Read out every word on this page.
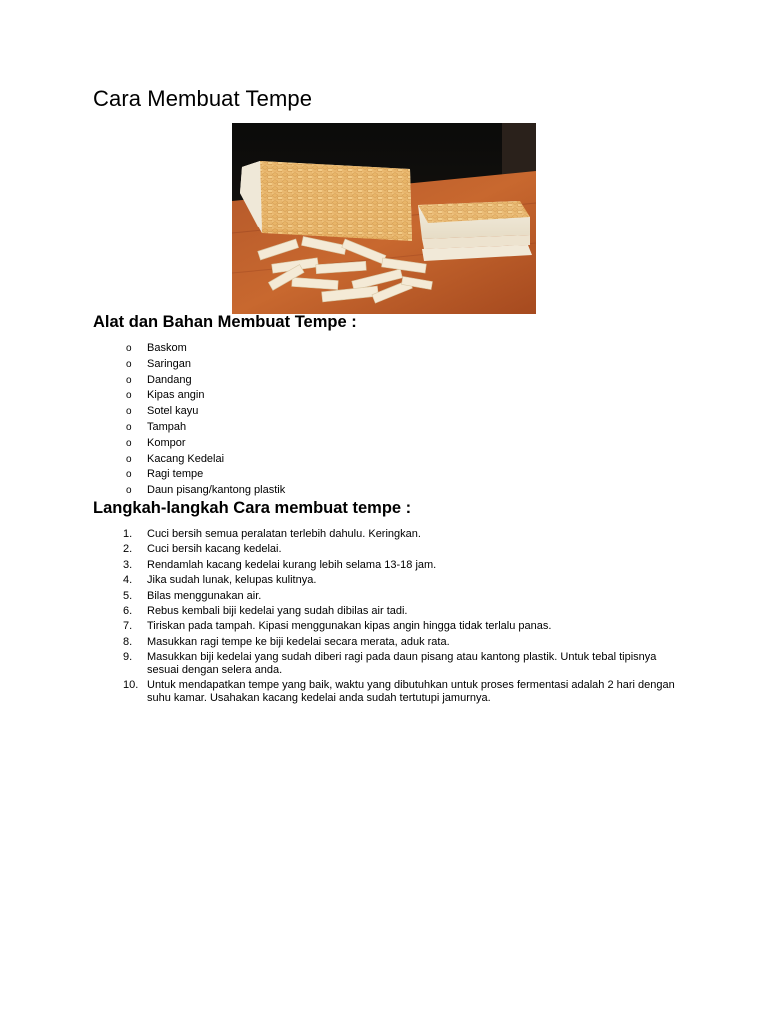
Cara Membuat Tempe
Alat dan Bahan Membuat Tempe :
o Baskom
o Saringan
o Dandang
o Kipas angin
o Sotel kayu
o Tampah
o Kompor
o Kacang Kedelai
o Ragi tempe
o Daun pisang/kantong plastik
Langkah-langkah Cara membuat tempe :
1. Cuci bersih semua peralatan terlebih dahulu. Keringkan.
2. Cuci bersih kacang kedelai.
3. Rendamlah kacang kedelai kurang lebih selama 13-18 jam.
4. Jika sudah lunak, kelupas kulitnya.
5. Bilas menggunakan air.
6. Rebus kembali biji kedelai yang sudah dibilas air tadi.
7. Tiriskan pada tampah. Kipasi menggunakan kipas angin hingga tidak terlalu panas.
8. Masukkan ragi tempe ke biji kedelai secara merata, aduk rata.
9. Masukkan biji kedelai yang sudah diberi ragi pada daun pisang atau kantong plastik. Untuk tebal tipisnya sesuai dengan selera anda.
10. Untuk mendapatkan tempe yang baik, waktu yang dibutuhkan untuk proses fermentasi adalah 2 hari dengan suhu kamar. Usahakan kacang kedelai anda sudah tertutupi jamurnya.
